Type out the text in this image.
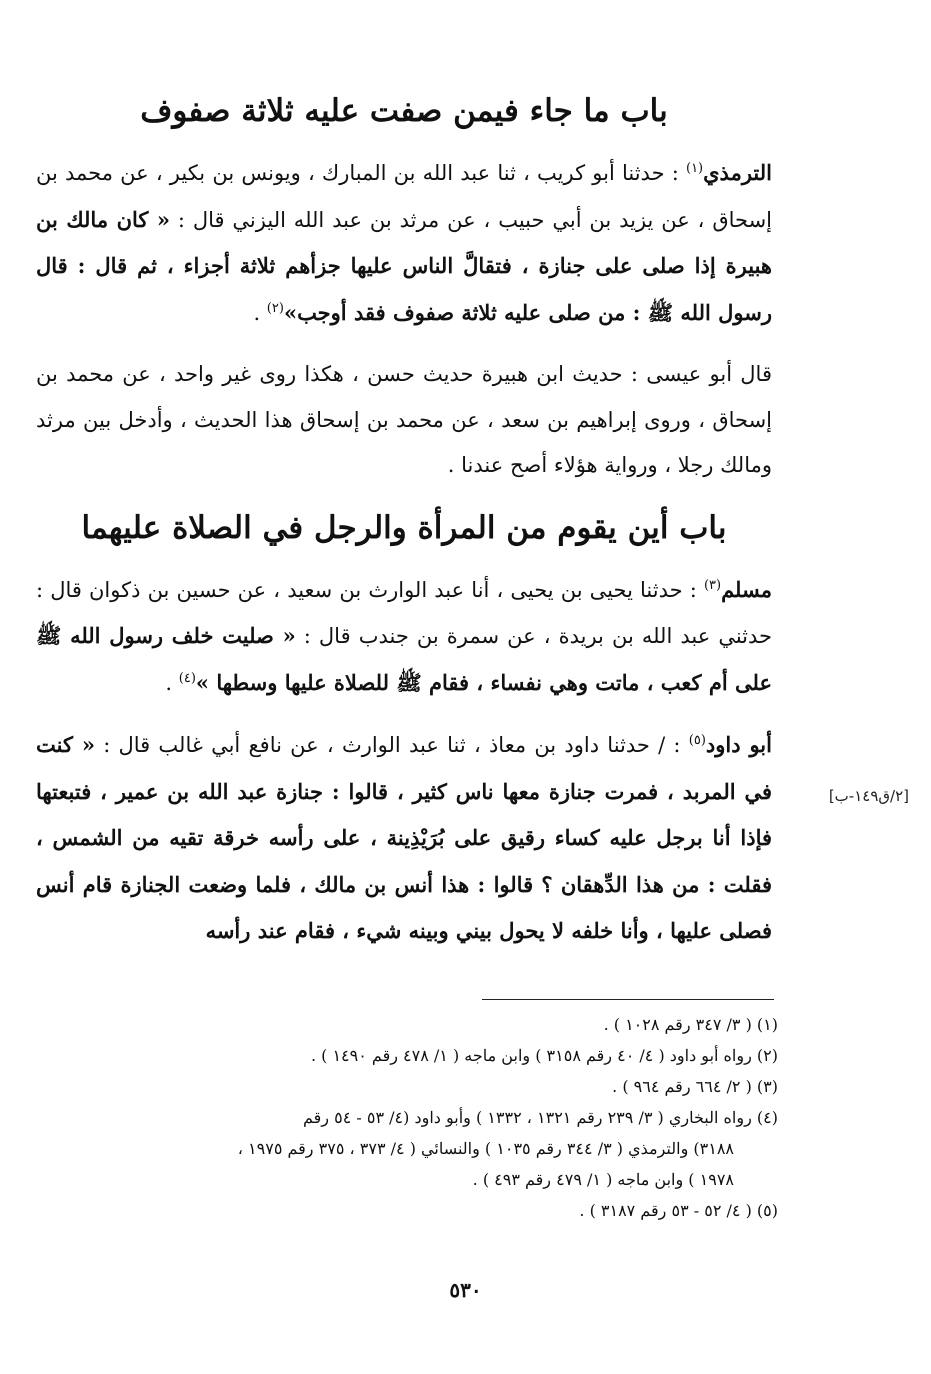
باب ما جاء فيمن صفت عليه ثلاثة صفوف

الترمذي$^{(١)}$ : حدثنا أبو كريب ، ثنا عبد الله بن المبارك ، ويونس بن بكير ، عن محمد بن إسحاق ، عن يزيد بن أبي حبيب ، عن مرثد بن عبد الله اليزني قال : « كان مالك بن هبيرة إذا صلى على جنازة ، فتقالَّ الناس عليها جزأهم ثلاثة أجزاء ، ثم قال : قال رسول الله ﷺ : من صلى عليه ثلاثة صفوف فقد أوجب»$^{(٢)}$ .

قال أبو عيسى : حديث ابن هبيرة حديث حسن ، هكذا روى غير واحد ، عن محمد بن إسحاق ، وروى إبراهيم بن سعد ، عن محمد بن إسحاق هذا الحديث ، وأدخل بين مرثد ومالك رجلا ، ورواية هؤلاء أصح عندنا .

باب أين يقوم من المرأة والرجل في الصلاة عليهما

مسلم$^{(٣)}$ : حدثنا يحيى بن يحيى ، أنا عبد الوارث بن سعيد ، عن حسين بن ذكوان قال : حدثني عبد الله بن بريدة ، عن سمرة بن جندب قال : « صليت خلف رسول الله ﷺ على أم كعب ، ماتت وهي نفساء ، فقام ﷺ للصلاة عليها وسطها »$^{(٤)}$ .

أبو داود$^{(٥)}$ : / حدثنا داود بن معاذ ، ثنا عبد الوارث ، عن نافع أبي غالب قال : « كنت في المربد ، فمرت جنازة معها ناس كثير ، قالوا : جنازة عبد الله بن عمير ، فتبعتها فإذا أنا برجل عليه كساء رقيق على بُرَيْذِينة ، على رأسه خرقة تقيه من الشمس ، فقلت : من هذا الدِّهقان ؟ قالوا : هذا أنس بن مالك ، فلما وضعت الجنازة قام أنس فصلى عليها ، وأنا خلفه لا يحول بيني وبينه شيء ، فقام عند رأسه

[٢/ق١٤٩-ب]

(١) ( ٣/ ٣٤٧ رقم ١٠٢٨ ) .

(٢) رواه أبو داود ( ٤/ ٤٠ رقم ٣١٥٨ ) وابن ماجه ( ١/ ٤٧٨ رقم ١٤٩٠ ) .

(٣) ( ٢/ ٦٦٤ رقم ٩٦٤ ) .

(٤) رواه البخاري ( ٣/ ٢٣٩ رقم ١٣٢١ ، ١٣٣٢ ) وأبو داود (٤/ ٥٣ - ٥٤ رقم

٣١٨٨) والترمذي ( ٣/ ٣٤٤ رقم ١٠٣٥ ) والنسائي ( ٤/ ٣٧٣ ، ٣٧٥ رقم ١٩٧٥ ،

١٩٧٨ ) وابن ماجه ( ١/ ٤٧٩ رقم ٤٩٣ ) .

(٥) ( ٤/ ٥٢ - ٥٣ رقم ٣١٨٧ ) .

٥٣٠
